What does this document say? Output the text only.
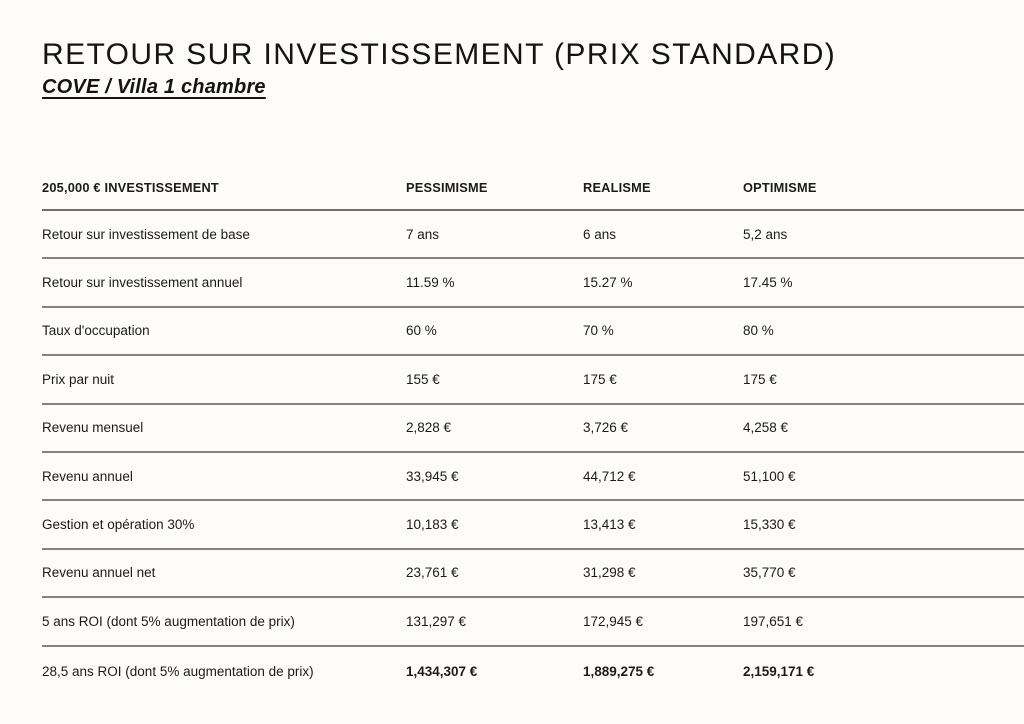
RETOUR SUR INVESTISSEMENT (PRIX STANDARD)
COVE / Villa 1 chambre
205,000 € INVESTISSEMENT	PESSIMISME	REALISME	OPTIMISME
Retour sur investissement de base	7 ans	6 ans	5,2 ans
Retour sur investissement annuel	11.59 %	15.27 %	17.45 %
Taux d'occupation	60 %	70 %	80 %
Prix par nuit	155 €	175 €	175 €
Revenu mensuel	2,828 €	3,726 €	4,258 €
Revenu annuel	33,945 €	44,712 €	51,100 €
Gestion et opération 30%	10,183 €	13,413 €	15,330 €
Revenu annuel net	23,761 €	31,298 €	35,770 €
5 ans ROI (dont 5% augmentation de prix)	131,297 €	172,945 €	197,651 €
28,5 ans ROI (dont 5% augmentation de prix)	1,434,307 €	1,889,275 €	2,159,171 €
